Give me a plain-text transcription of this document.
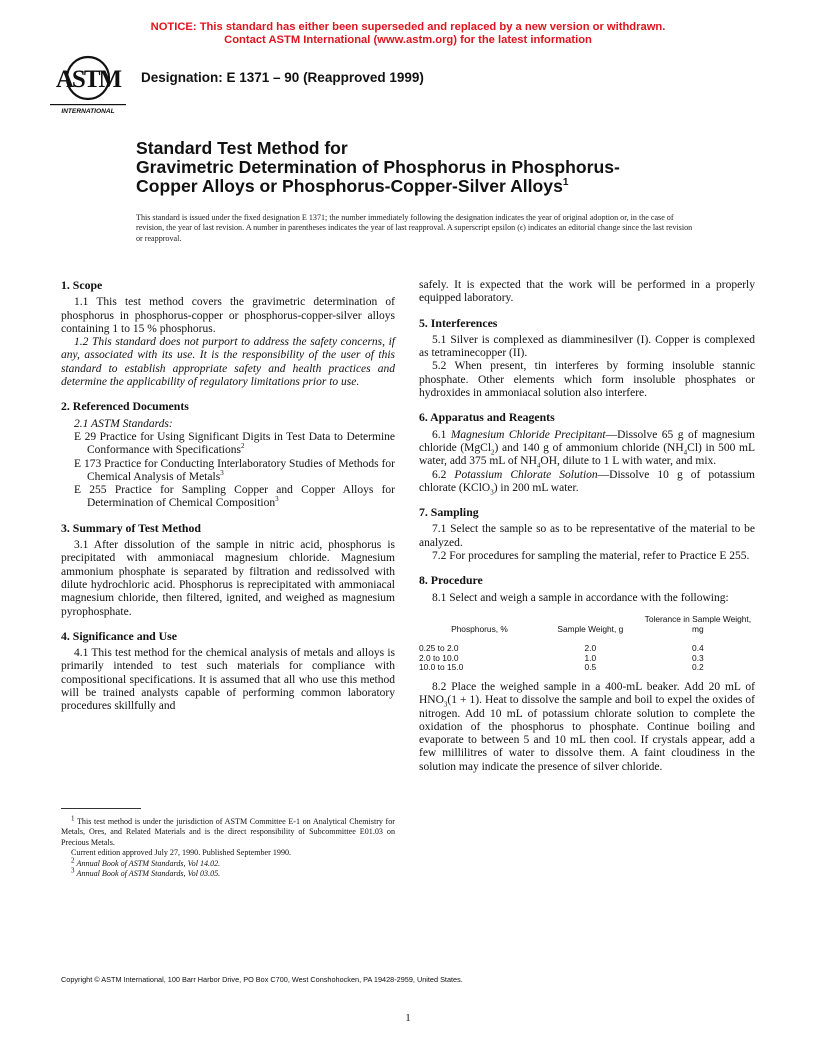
NOTICE: This standard has either been superseded and replaced by a new version or withdrawn.
Contact ASTM International (www.astm.org) for the latest information
ASTM
INTERNATIONAL
Designation: E 1371 – 90 (Reapproved 1999)
Standard Test Method for
Gravimetric Determination of Phosphorus in Phosphorus-
Copper Alloys or Phosphorus-Copper-Silver Alloys$^1$
This standard is issued under the fixed designation E 1371; the number immediately following the designation indicates the year of original adoption or, in the case of revision, the year of last revision. A number in parentheses indicates the year of last reapproval. A superscript epsilon (ϵ) indicates an editorial change since the last revision or reapproval.
1. Scope

1.1 This test method covers the gravimetric determination of phosphorus in phosphorus-copper or phosphorus-copper-silver alloys containing 1 to 15 % phosphorus.

1.2 This standard does not purport to address the safety concerns, if any, associated with its use. It is the responsibility of the user of this standard to establish appropriate safety and health practices and determine the applicability of regulatory limitations prior to use.

2. Referenced Documents

2.1 ASTM Standards:

E 29 Practice for Using Significant Digits in Test Data to Determine Conformance with Specifications$^2$

E 173 Practice for Conducting Interlaboratory Studies of Methods for Chemical Analysis of Metals$^3$

E 255 Practice for Sampling Copper and Copper Alloys for Determination of Chemical Composition$^3$

3. Summary of Test Method

3.1 After dissolution of the sample in nitric acid, phosphorus is precipitated with ammoniacal magnesium chloride. Magnesium ammonium phosphate is separated by filtration and redissolved with dilute hydrochloric acid. Phosphorus is reprecipitated with ammoniacal magnesium chloride, then filtered, ignited, and weighed as magnesium pyrophosphate.

4. Significance and Use

4.1 This test method for the chemical analysis of metals and alloys is primarily intended to test such materials for compliance with compositional specifications. It is assumed that all who use this method will be trained analysts capable of performing common laboratory procedures skillfully and

$^1$ This test method is under the jurisdiction of ASTM Committee E-1 on Analytical Chemistry for Metals, Ores, and Related Materials and is the direct responsibility of Subcommittee E01.03 on Precious Metals.

Current edition approved July 27, 1990. Published September 1990.

$^2$ Annual Book of ASTM Standards, Vol 14.02.

$^3$ Annual Book of ASTM Standards, Vol 03.05.

safely. It is expected that the work will be performed in a properly equipped laboratory.

5. Interferences

5.1 Silver is complexed as diamminesilver (I). Copper is complexed as tetraminecopper (II).

5.2 When present, tin interferes by forming insoluble stannic phosphate. Other elements which form insoluble phosphates or hydroxides in ammoniacal solution also interfere.

6. Apparatus and Reagents

6.1 Magnesium Chloride Precipitant—Dissolve 65 g of magnesium chloride (MgCl$_2$) and 140 g of ammonium chloride $(NH_4Cl)$ in 500 mL water, add 375 mL of $NH_4OH$, dilute to 1 L with water, and mix.

6.2 Potassium Chlorate Solution—Dissolve 10 g of potassium chlorate (KClO$_3$) in 200 mL water.

7. Sampling

7.1 Select the sample so as to be representative of the material to be analyzed.

7.2 For procedures for sampling the material, refer to Practice E 255.

8. Procedure

8.1 Select and weigh a sample in accordance with the following:

Phosphorus, %	Sample Weight, g	Tolerance in Sample Weight, mg
0.25 to 2.0	2.0	0.4
2.0 to 10.0	1.0	0.3
10.0 to 15.0	0.5	0.2

8.2 Place the weighed sample in a 400-mL beaker. Add 20 mL of $HNO_3(1 + 1)$. Heat to dissolve the sample and boil to expel the oxides of nitrogen. Add 10 mL of potassium chlorate solution to complete the oxidation of the phosphorus to phosphate. Continue boiling and evaporate to between 5 and 10 mL then cool. If crystals appear, add a few millilitres of water to dissolve them. A faint cloudiness in the solution may indicate the presence of silver chloride.

Copyright © ASTM International, 100 Barr Harbor Drive, PO Box C700, West Conshohocken, PA 19428-2959, United States.
1
